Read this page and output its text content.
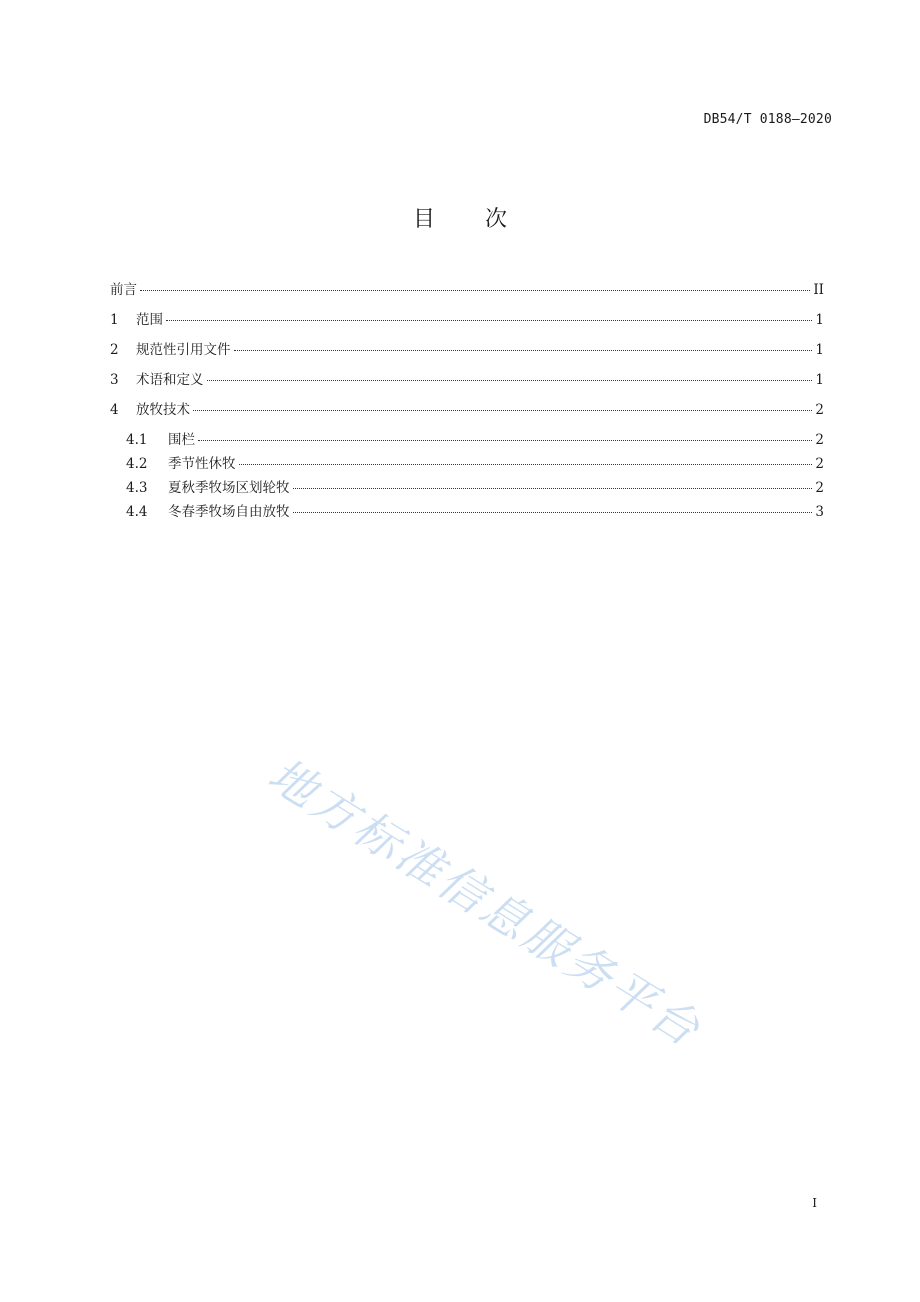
DB54/T 0188—2020
目 次
前言	II
1	范围	1
2	规范性引用文件	1
3	术语和定义	1
4	放牧技术	2
4.1	围栏	2
4.2	季节性休牧	2
4.3	夏秋季牧场区划轮牧	2
4.4	冬春季牧场自由放牧	3
地方标准信息服务平台
I
